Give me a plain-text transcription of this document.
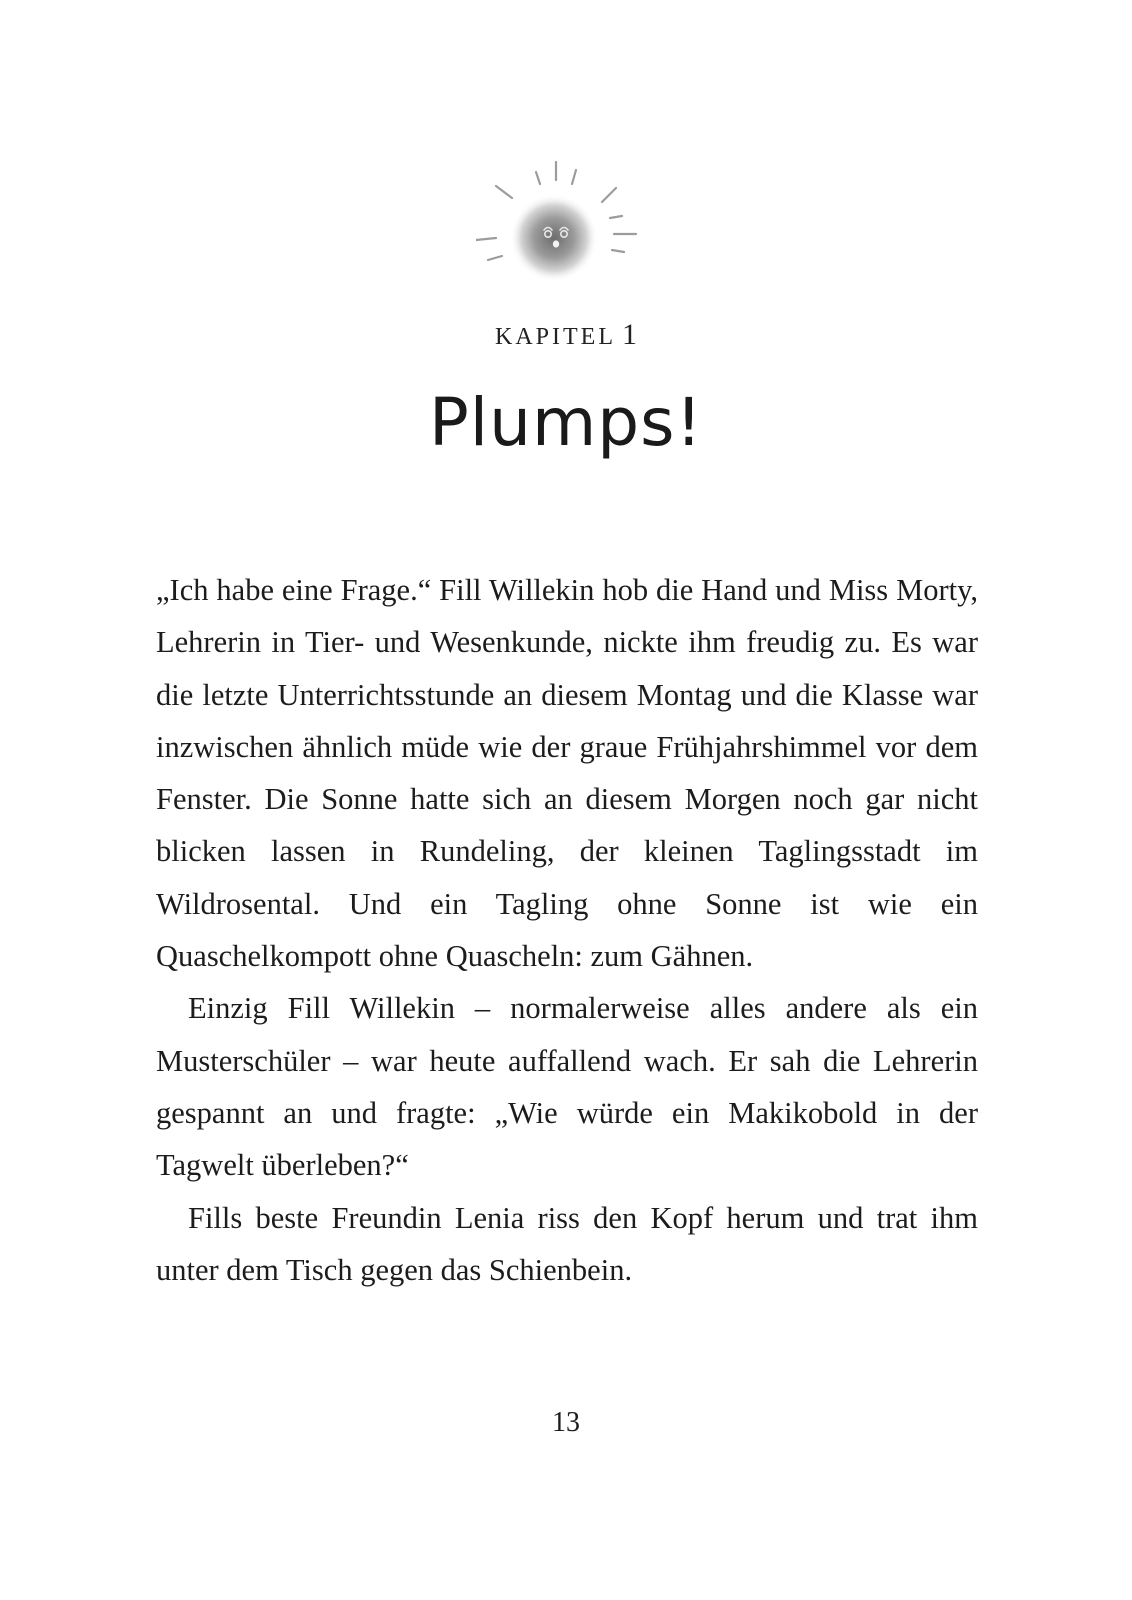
KAPITEL 1
Plumps!

„Ich habe eine Frage.“ Fill Willekin hob die Hand und Miss Morty, Lehrerin in Tier- und Wesenkunde, nickte ihm freudig zu. Es war die letzte Unterrichtsstunde an diesem Montag und die Klasse war inzwischen ähnlich müde wie der graue Frühjahrshimmel vor dem Fenster. Die Sonne hatte sich an diesem Morgen noch gar nicht blicken lassen in Rundeling, der kleinen Taglingsstadt im Wildrosental. Und ein Tagling ohne Sonne ist wie ein Quaschelkompott ohne Quascheln: zum Gähnen.

Einzig Fill Willekin – normalerweise alles andere als ein Musterschüler – war heute auffallend wach. Er sah die Lehrerin gespannt an und fragte: „Wie würde ein Makikobold in der Tagwelt überleben?“

Fills beste Freundin Lenia riss den Kopf herum und trat ihm unter dem Tisch gegen das Schienbein.

13
